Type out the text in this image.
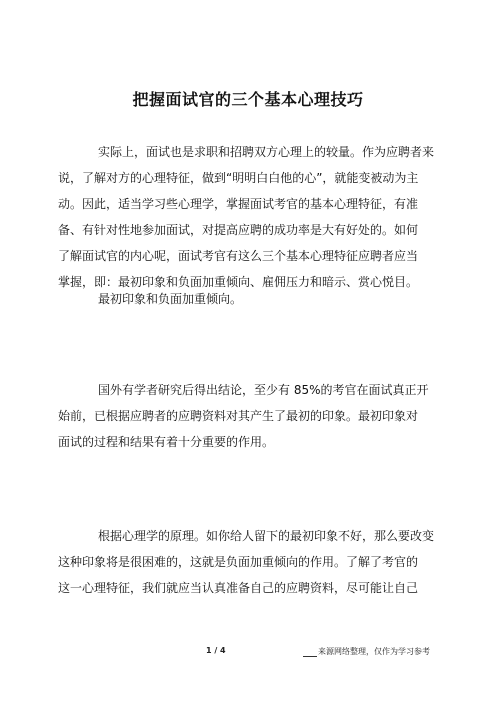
把握面试官的三个基本心理技巧
实际上，面试也是求职和招聘双方心理上的较量。作为应聘者来
说，了解对方的心理特征，做到“明明白白他的心”，就能变被动为主
动。因此，适当学习些心理学，掌握面试考官的基本心理特征，有准
备、有针对性地参加面试，对提高应聘的成功率是大有好处的。如何
了解面试官的内心呢，面试考官有这么三个基本心理特征应聘者应当
掌握，即：最初印象和负面加重倾向、雇佣压力和暗示、赏心悦目。
最初印象和负面加重倾向。
国外有学者研究后得出结论，至少有 85%的考官在面试真正开
始前，已根据应聘者的应聘资料对其产生了最初的印象。最初印象对
面试的过程和结果有着十分重要的作用。
根据心理学的原理。如你给人留下的最初印象不好，那么要改变
这种印象将是很困难的，这就是负面加重倾向的作用。了解了考官的
这一心理特征，我们就应当认真准备自己的应聘资料，尽可能让自己
1 / 4	来源网络整理，仅作为学习参考
